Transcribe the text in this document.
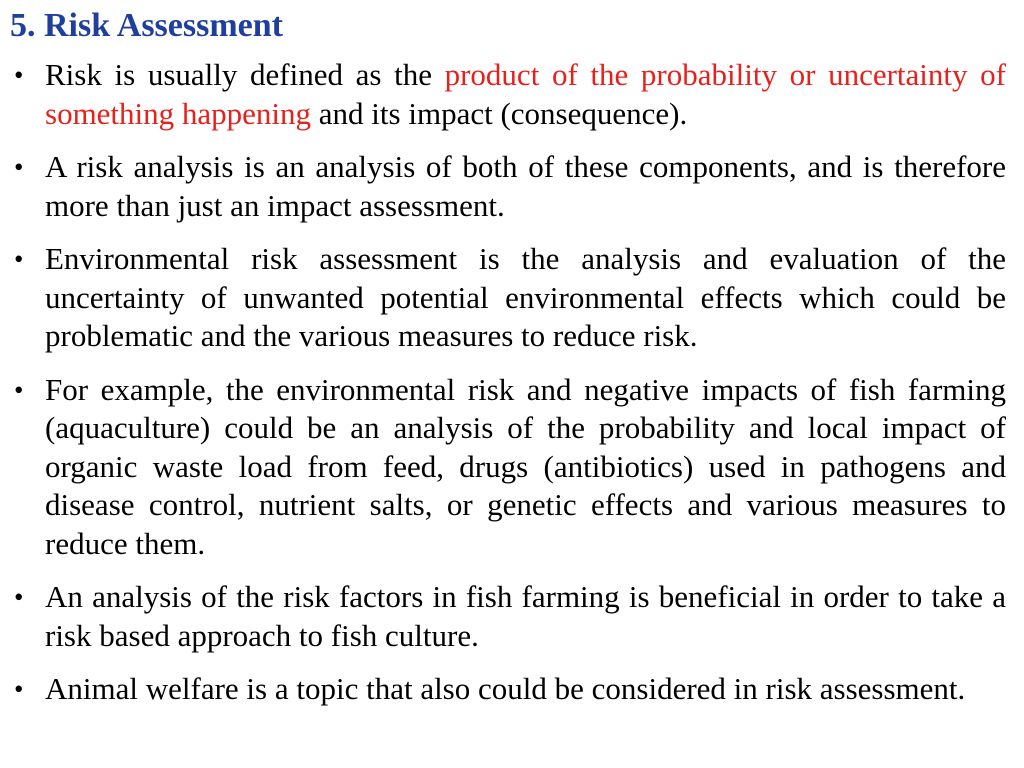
5. Risk Assessment
• Risk is usually defined as the product of the probability or uncertainty of something happening and its impact (consequence).
• A risk analysis is an analysis of both of these components, and is therefore more than just an impact assessment.
• Environmental risk assessment is the analysis and evaluation of the uncertainty of unwanted potential environmental effects which could be problematic and the various measures to reduce risk.
• For example, the environmental risk and negative impacts of fish farming (aquaculture) could be an analysis of the probability and local impact of organic waste load from feed, drugs (antibiotics) used in pathogens and disease control, nutrient salts, or genetic effects and various measures to reduce them.
• An analysis of the risk factors in fish farming is beneficial in order to take a risk based approach to fish culture.
• Animal welfare is a topic that also could be considered in risk assessment.
